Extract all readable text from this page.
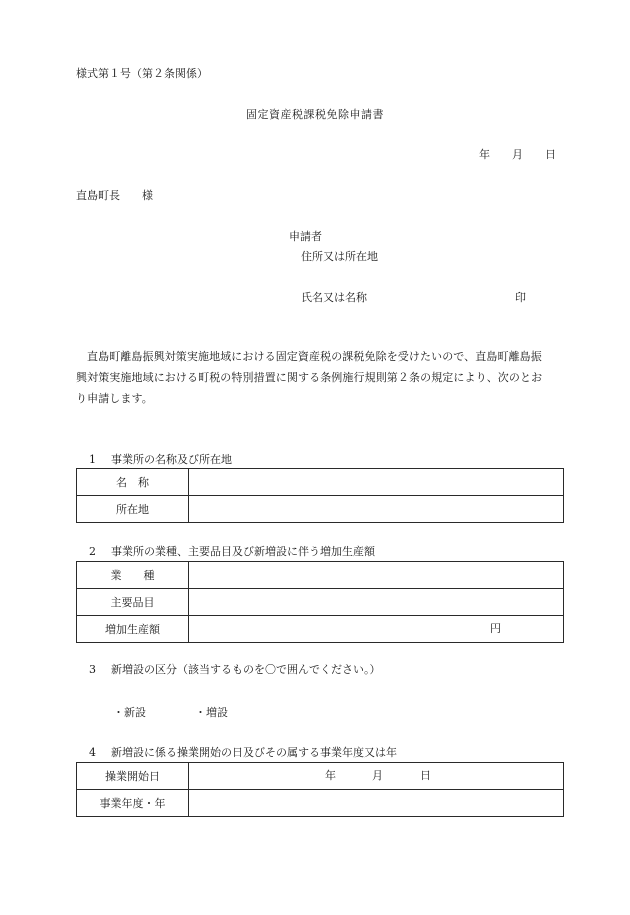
様式第１号（第２条関係）
固定資産税課税免除申請書
年 月 日
直島町長　　様
申請者
住所又は所在地
氏名又は名称	印
直島町離島振興対策実施地域における固定資産税の課税免除を受けたいので、直島町離島振興対策実施地域における町税の特別措置に関する条例施行規則第２条の規定により、次のとおり申請します。
1 事業所の名称及び所在地
名　称	
所在地	
2 事業所の業種、主要品目及び新増設に伴う増加生産額
業　　種	
主要品目	
増加生産額	円
3 新増設の区分（該当するものを〇で囲んでください。）
・新設	・増設
4 新増設に係る操業開始の日及びその属する事業年度又は年
操業開始日	年 月 日

事業年度・年	
